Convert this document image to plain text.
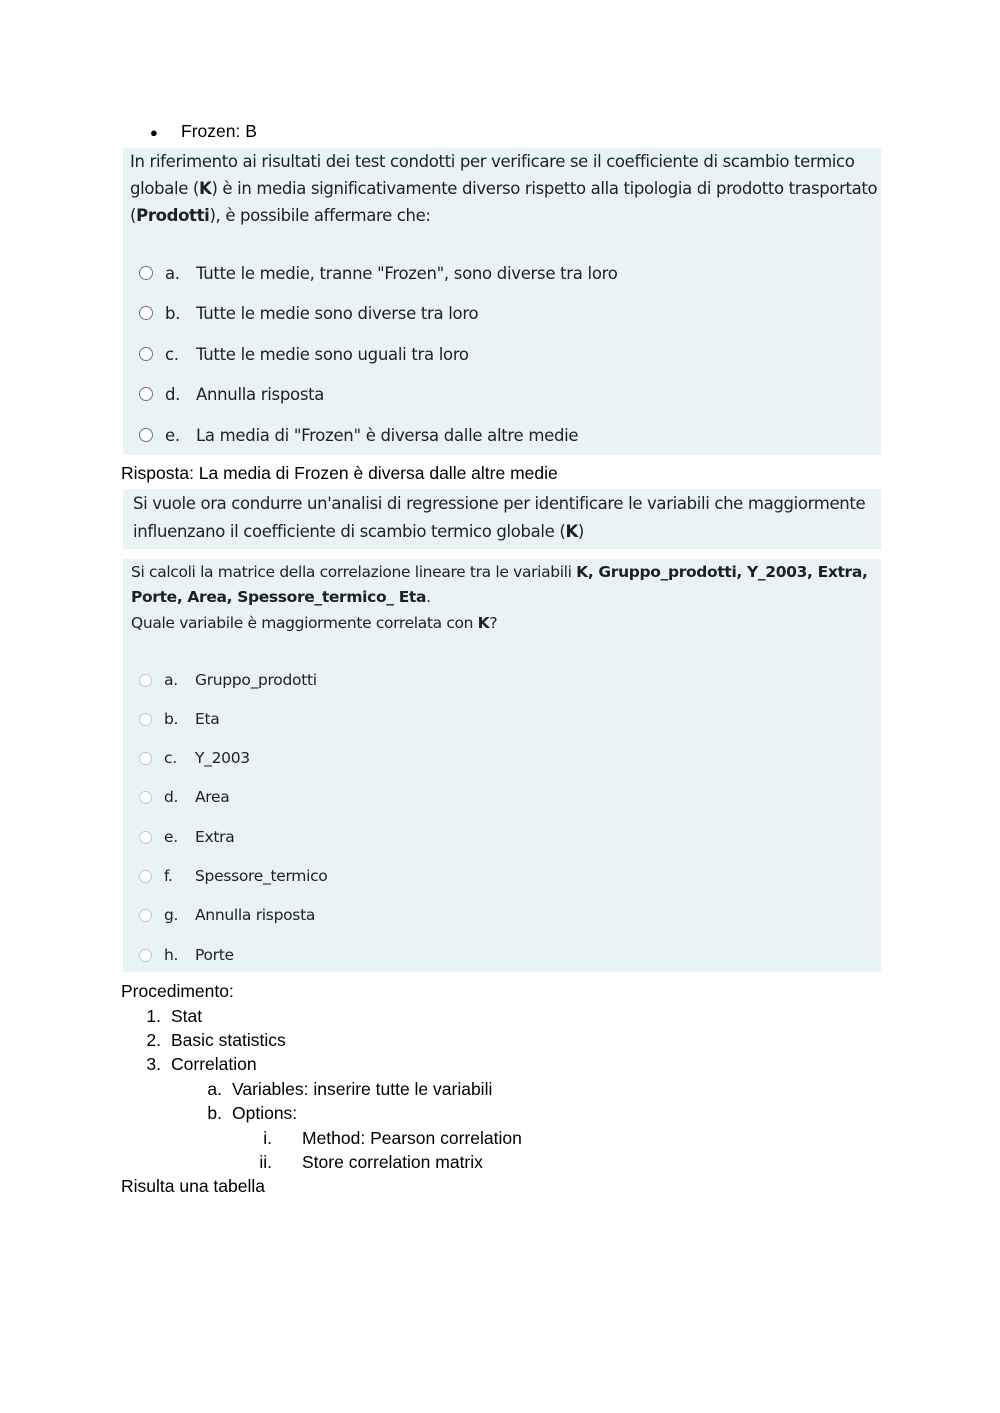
● Frozen: B
In riferimento ai risultati dei test condotti per verificare se il coefficiente di scambio termico
globale (K) è in media significativamente diverso rispetto alla tipologia di prodotto trasportato
(Prodotti), è possibile affermare che:
a. Tutte le medie, tranne "Frozen", sono diverse tra loro
b. Tutte le medie sono diverse tra loro
c.	Tutte le medie sono uguali tra loro
d. Annulla risposta
e. La media di "Frozen" è diversa dalle altre medie
Risposta: La media di Frozen è diversa dalle altre medie
Si vuole ora condurre un'analisi di regressione per identificare le variabili che maggiormente
influenzano il coefficiente di scambio termico globale (K)
Si calcoli la matrice della correlazione lineare tra le variabili K, Gruppo_prodotti, Y_2003, Extra,
Porte, Area, Spessore_termico_ Eta.
Quale variabile è maggiormente correlata con K?
a.	Gruppo_prodotti
b.	Eta
c.	Y_2003
d.	Area
e.	Extra
f.	Spessore_termico
g.	Annulla risposta
h.	Porte
Procedimento:
1. Stat
2. Basic statistics
3. Correlation
a. Variables: inserire tutte le variabili
b. Options:
i. Method: Pearson correlation
ii. Store correlation matrix
Risulta una tabella
